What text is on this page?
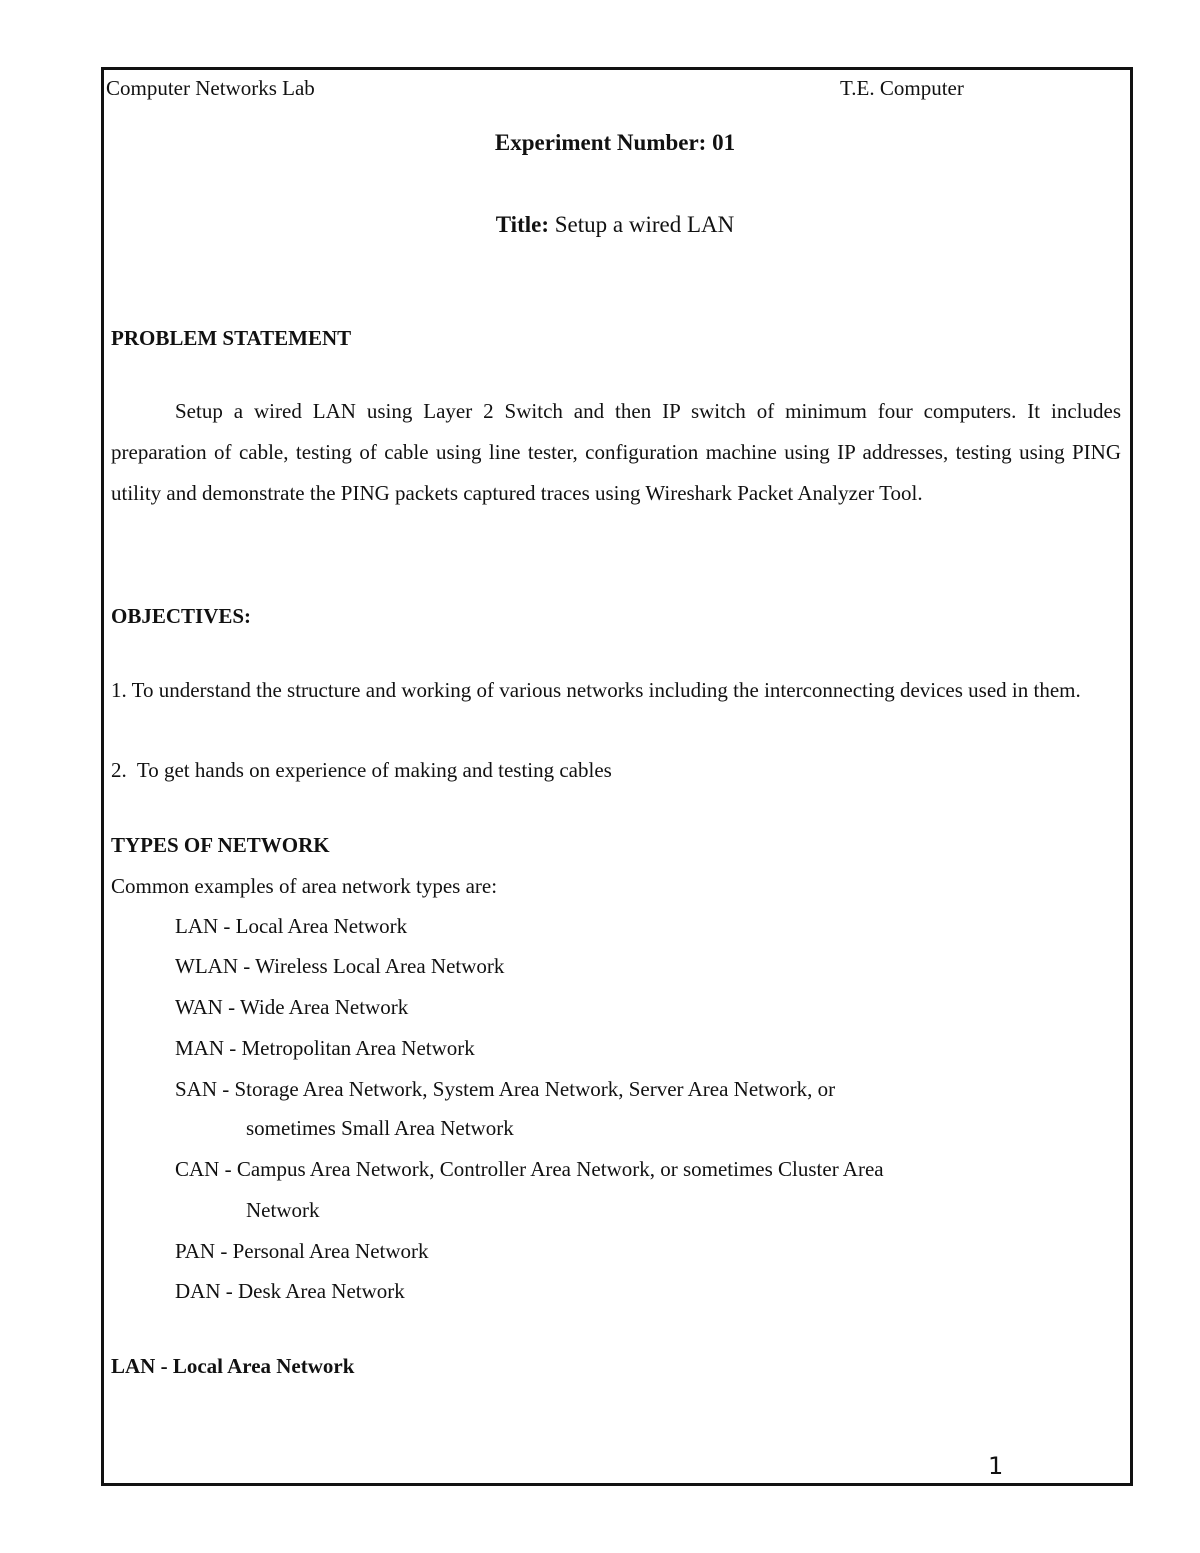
Computer Networks Lab	T.E. Computer
Experiment Number: 01
Title: Setup a wired LAN
PROBLEM STATEMENT
Setup a wired LAN using Layer 2 Switch and then IP switch of minimum four computers. It includes preparation of cable, testing of cable using line tester, configuration machine using IP addresses, testing using PING utility and demonstrate the PING packets captured traces using Wireshark Packet Analyzer Tool.
OBJECTIVES:
1. To understand the structure and working of various networks including the interconnecting devices used in them.
2.  To get hands on experience of making and testing cables
TYPES OF NETWORK
Common examples of area network types are:
LAN - Local Area Network
WLAN - Wireless Local Area Network
WAN - Wide Area Network
MAN - Metropolitan Area Network
SAN - Storage Area Network, System Area Network, Server Area Network, or
sometimes Small Area Network
CAN - Campus Area Network, Controller Area Network, or sometimes Cluster Area
Network
PAN - Personal Area Network
DAN - Desk Area Network
LAN - Local Area Network
1
